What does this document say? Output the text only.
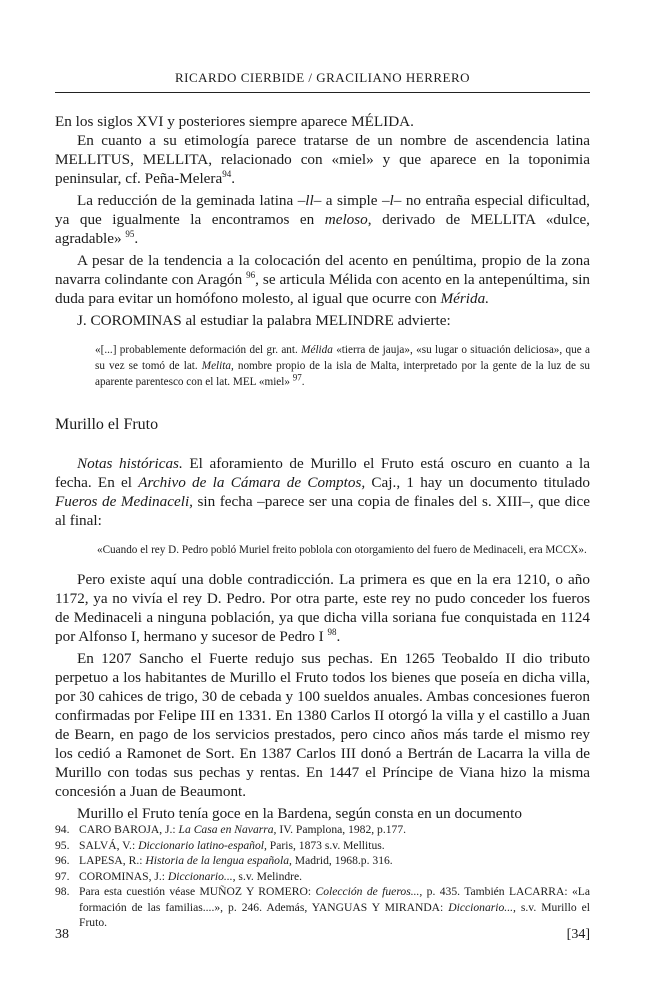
RICARDO CIERBIDE / GRACILIANO HERRERO

En los siglos XVI y posteriores siempre aparece MÉLIDA.

En cuanto a su etimología parece tratarse de un nombre de ascendencia latina MELLITUS, MELLITA, relacionado con «miel» y que aparece en la toponimia peninsular, cf. Peña-Melera$^{94}$.

La reducción de la geminada latina –ll– a simple –l– no entraña especial dificultad, ya que igualmente la encontramos en meloso, derivado de MELLITA «dulce, agradable» $^{95}$.

A pesar de la tendencia a la colocación del acento en penúltima, propio de la zona navarra colindante con Aragón $^{96}$, se articula Mélida con acento en la antepenúltima, sin duda para evitar un homófono molesto, al igual que ocurre con Mérida.

J. COROMINAS al estudiar la palabra MELINDRE advierte:

«[...] probablemente deformación del gr. ant. Mélida «tierra de jauja», «su lugar o situación deliciosa», que a su vez se tomó de lat. Melita, nombre propio de la isla de Malta, interpretado por la gente de la luz de su aparente parentesco con el lat. MEL «miel» $^{97}$.
Murillo el Fruto

Notas históricas. El aforamiento de Murillo el Fruto está oscuro en cuanto a la fecha. En el Archivo de la Cámara de Comptos, Caj., 1 hay un documento titulado Fueros de Medinaceli, sin fecha –parece ser una copia de finales del s. XIII–, que dice al final:

«Cuando el rey D. Pedro pobló Muriel freito poblola con otorgamiento del fuero de Medinaceli, era MCCX».

Pero existe aquí una doble contradicción. La primera es que en la era 1210, o año 1172, ya no vivía el rey D. Pedro. Por otra parte, este rey no pudo conceder los fueros de Medinaceli a ninguna población, ya que dicha villa soriana fue conquistada en 1124 por Alfonso I, hermano y sucesor de Pedro I $^{98}$.

En 1207 Sancho el Fuerte redujo sus pechas. En 1265 Teobaldo II dio tributo perpetuo a los habitantes de Murillo el Fruto todos los bienes que poseía en dicha villa, por 30 cahices de trigo, 30 de cebada y 100 sueldos anuales. Ambas concesiones fueron confirmadas por Felipe III en 1331. En 1380 Carlos II otorgó la villa y el castillo a Juan de Bearn, en pago de los servicios prestados, pero cinco años más tarde el mismo rey los cedió a Ramonet de Sort. En 1387 Carlos III donó a Bertrán de Lacarra la villa de Murillo con todas sus pechas y rentas. En 1447 el Príncipe de Viana hizo la misma concesión a Juan de Beaumont.

Murillo el Fruto tenía goce en la Bardena, según consta en un documento

94. CARO BAROJA, J.: La Casa en Navarra, IV. Pamplona, 1982, p.177.
95. SALVÁ, V.: Diccionario latino-español, Paris, 1873 s.v. Mellitus.
96. LAPESA, R.: Historia de la lengua española, Madrid, 1968.p. 316.
97. COROMINAS, J.: Diccionario..., s.v. Melindre.
98. Para esta cuestión véase MUÑOZ Y ROMERO: Colección de fueros..., p. 435. También LACARRA: «La formación de las familias....», p. 246. Además, YANGUAS Y MIRANDA: Diccionario..., s.v. Murillo el Fruto.
38	[34]
